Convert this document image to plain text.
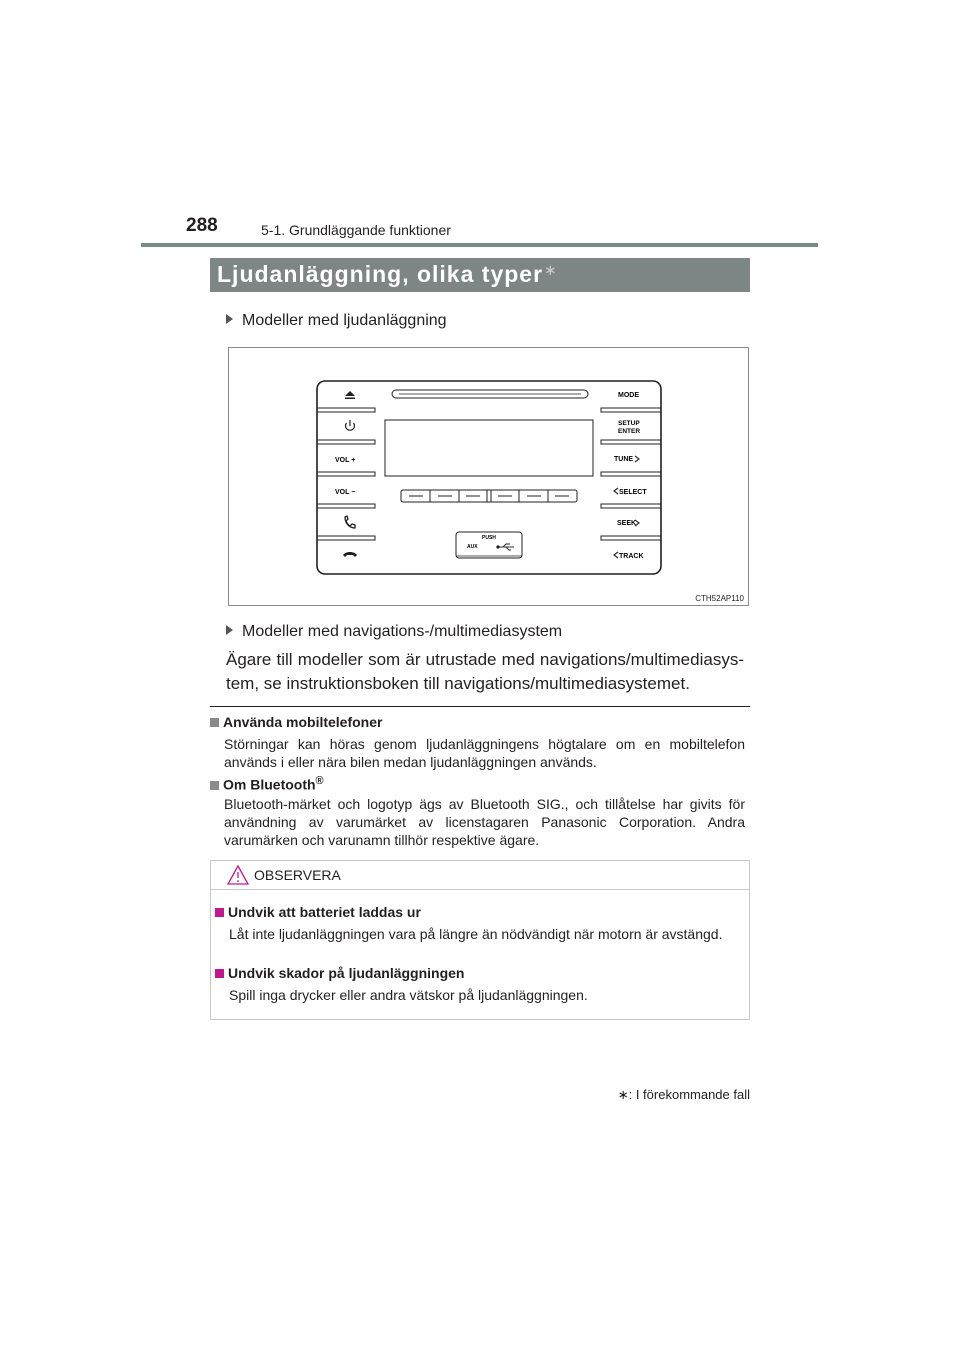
288	5-1. Grundläggande funktioner
Ljudanläggning, olika typer∗
Modeller med ljudanläggning
VOL +
VOL −
MODE
SETUP
ENTER
TUNE
SELECT
SEEK
TRACK
PUSH
AUX
CTH52AP110
Modeller med navigations-/multimediasystem
Ägare till modeller som är utrustade med navigations/multimediasys-tem, se instruktionsboken till navigations/multimediasystemet.
Använda mobiltelefoner
Störningar kan höras genom ljudanläggningens högtalare om en mobiltelefon används i eller nära bilen medan ljudanläggningen används.
Om Bluetooth®
Bluetooth-märket och logotyp ägs av Bluetooth SIG., och tillåtelse har givits för användning av varumärket av licenstagaren Panasonic Corporation. Andra varumärken och varunamn tillhör respektive ägare.
OBSERVERA
Undvik att batteriet laddas ur
Låt inte ljudanläggningen vara på längre än nödvändigt när motorn är avstängd.
Undvik skador på ljudanläggningen
Spill inga drycker eller andra vätskor på ljudanläggningen.
∗: I förekommande fall
